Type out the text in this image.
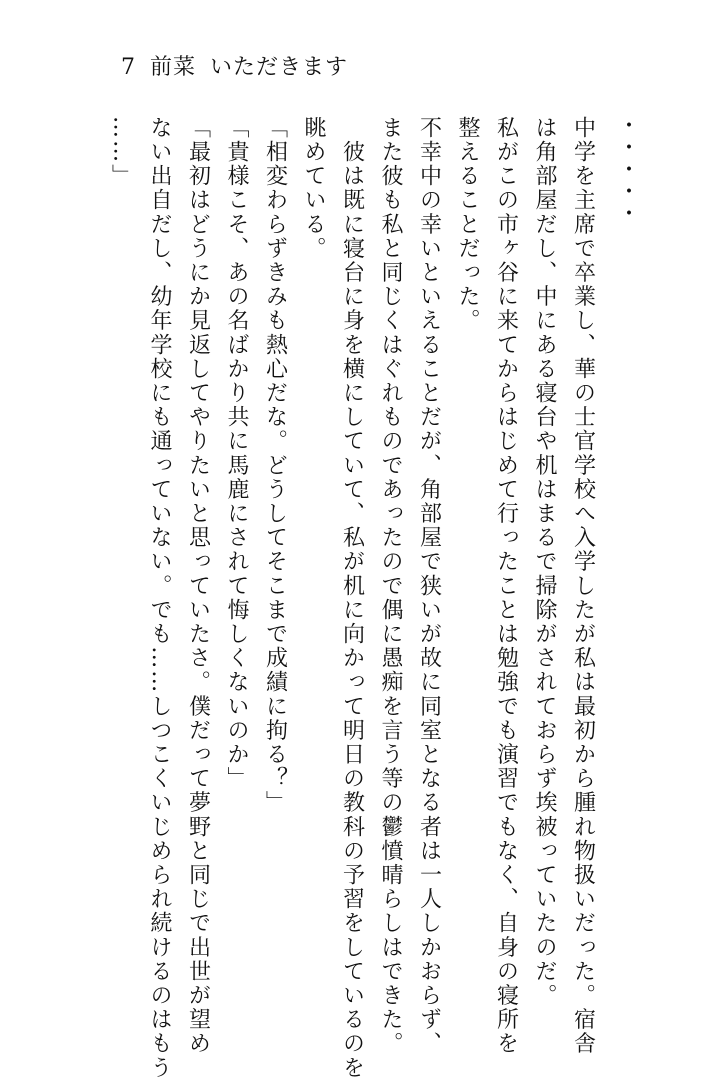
7 前菜 いただきます
・
・
・
・
・
中学を主席で卒業し、華の士官学校へ入学したが私は最初から腫れ物扱いだった。宿舎
は角部屋だし、中にある寝台や机はまるで掃除がされておらず埃被っていたのだ。
私がこの市ヶ谷に来てからはじめて行ったことは勉強でも演習でもなく、自身の寝所を
整えることだった。
不幸中の幸いといえることだが、角部屋で狭いが故に同室となる者は一人しかおらず、
また彼も私と同じくはぐれものであったので偶に愚痴を言う等の鬱憤晴らしはできた。
　彼は既に寝台に身を横にしていて、私が机に向かって明日の教科の予習をしているのを
眺めている。
「相変わらずきみも熱心だな。どうしてそこまで成績に拘る？」
「貴様こそ、あの名ばかり共に馬鹿にされて悔しくないのか」
「最初はどうにか見返してやりたいと思っていたさ。僕だって夢野と同じで出世が望め
ない出自だし、幼年学校にも通っていない。でも……しつこくいじめられ続けるのはもう
……」
